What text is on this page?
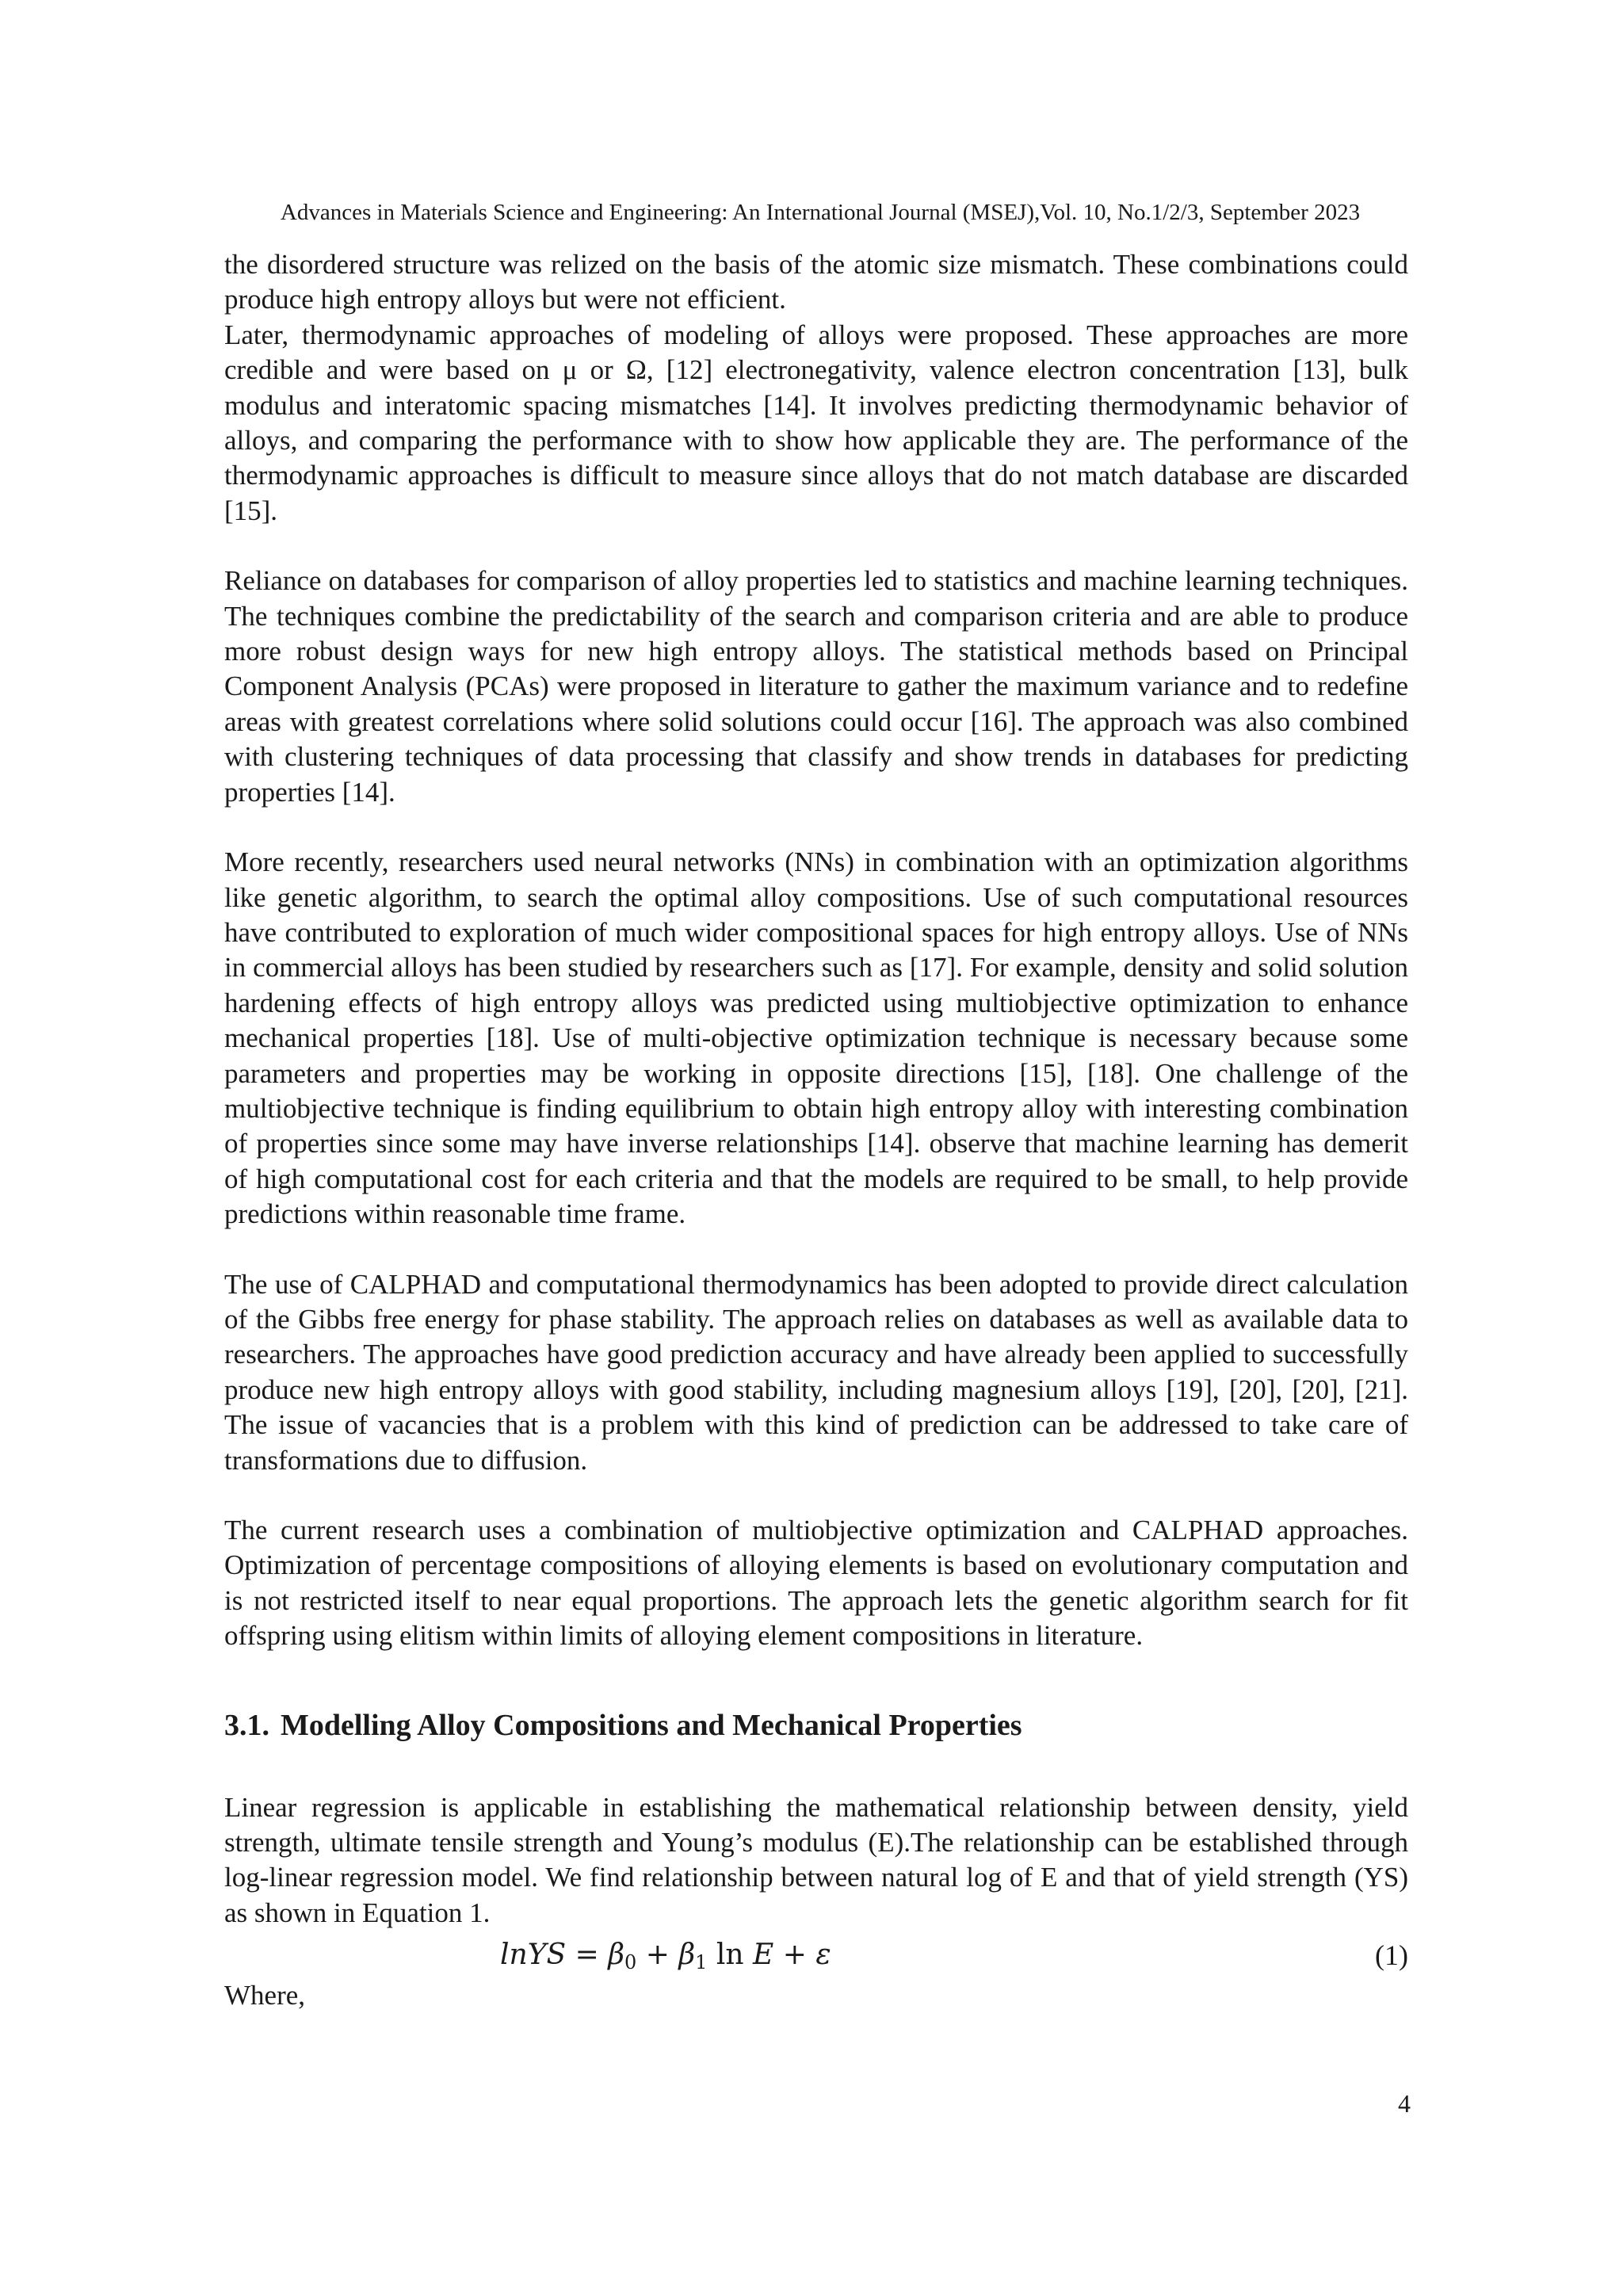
Advances in Materials Science and Engineering: An International Journal (MSEJ),Vol. 10, No.1/2/3, September 2023

the disordered structure was relized on the basis of the atomic size mismatch. These combinations could produce high entropy alloys but were not efficient.

Later, thermodynamic approaches of modeling of alloys were proposed. These approaches are more credible and were based on μ or Ω, [12] electronegativity, valence electron concentration [13], bulk modulus and interatomic spacing mismatches [14]. It involves predicting thermodynamic behavior of alloys, and comparing the performance with to show how applicable they are. The performance of the thermodynamic approaches is difficult to measure since alloys that do not match database are discarded [15].

Reliance on databases for comparison of alloy properties led to statistics and machine learning techniques. The techniques combine the predictability of the search and comparison criteria and are able to produce more robust design ways for new high entropy alloys. The statistical methods based on Principal Component Analysis (PCAs) were proposed in literature to gather the maximum variance and to redefine areas with greatest correlations where solid solutions could occur [16]. The approach was also combined with clustering techniques of data processing that classify and show trends in databases for predicting properties [14].

More recently, researchers used neural networks (NNs) in combination with an optimization algorithms like genetic algorithm, to search the optimal alloy compositions. Use of such computational resources have contributed to exploration of much wider compositional spaces for high entropy alloys. Use of NNs in commercial alloys has been studied by researchers such as [17]. For example, density and solid solution hardening effects of high entropy alloys was predicted using multiobjective optimization to enhance mechanical properties [18]. Use of multi-objective optimization technique is necessary because some parameters and properties may be working in opposite directions [15], [18]. One challenge of the multiobjective technique is finding equilibrium to obtain high entropy alloy with interesting combination of properties since some may have inverse relationships [14]. observe that machine learning has demerit of high computational cost for each criteria and that the models are required to be small, to help provide predictions within reasonable time frame.

The use of CALPHAD and computational thermodynamics has been adopted to provide direct calculation of the Gibbs free energy for phase stability. The approach relies on databases as well as available data to researchers. The approaches have good prediction accuracy and have already been applied to successfully produce new high entropy alloys with good stability, including magnesium alloys [19], [20], [20], [21]. The issue of vacancies that is a problem with this kind of prediction can be addressed to take care of transformations due to diffusion.

The current research uses a combination of multiobjective optimization and CALPHAD approaches. Optimization of percentage compositions of alloying elements is based on evolutionary computation and is not restricted itself to near equal proportions. The approach lets the genetic algorithm search for fit offspring using elitism within limits of alloying element compositions in literature.

3.1. Modelling Alloy Compositions and Mechanical Properties

Linear regression is applicable in establishing the mathematical relationship between density, yield strength, ultimate tensile strength and Young’s modulus (E).The relationship can be established through log-linear regression model. We find relationship between natural log of E and that of yield strength (YS) as shown in Equation 1.

lnYS = $\beta_0 + \beta_1$ ln E + ε	(1)

Where,

4
